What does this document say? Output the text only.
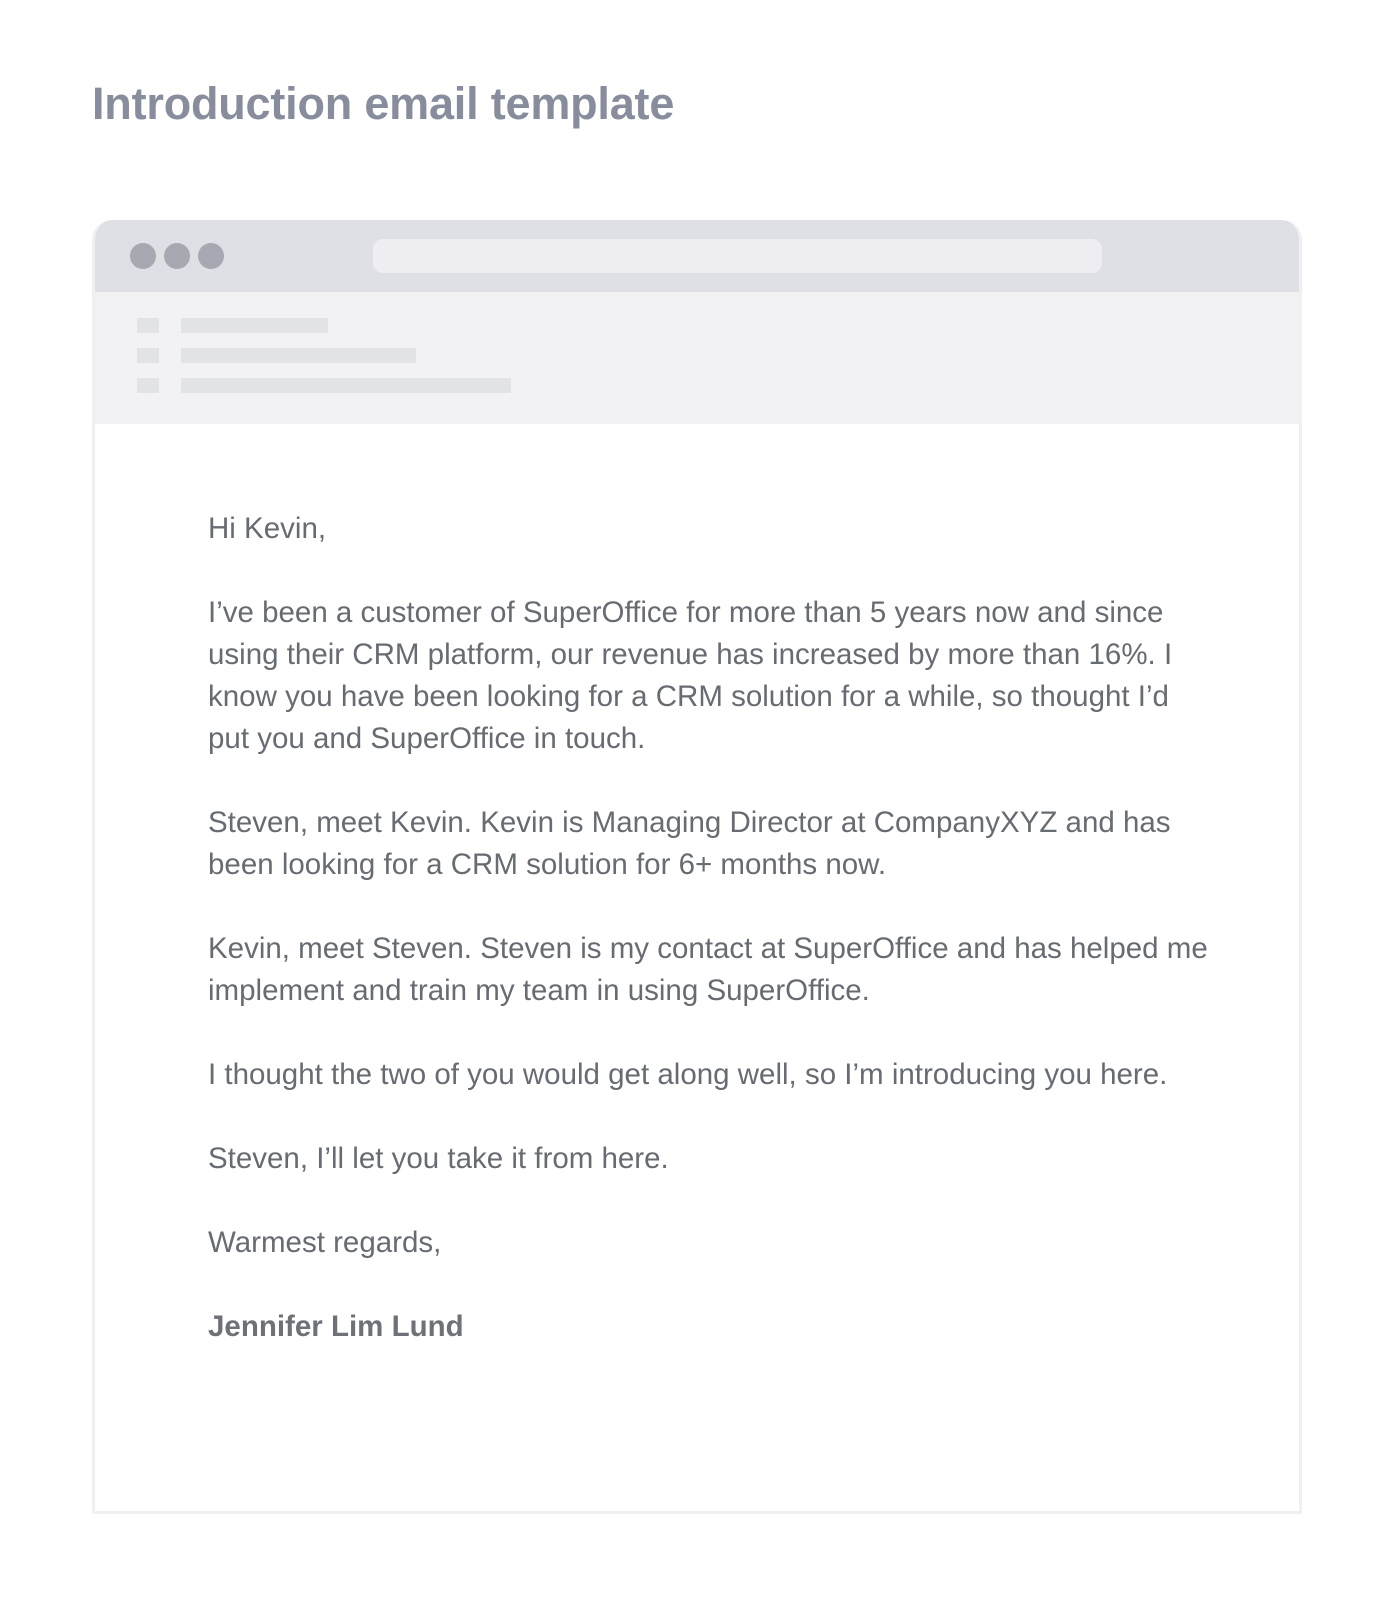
Introduction email template

Hi Kevin,

I’ve been a customer of SuperOffice for more than 5 years now and since using their CRM platform, our revenue has increased by more than 16%. I know you have been looking for a CRM solution for a while, so thought I’d put you and SuperOffice in touch.

Steven, meet Kevin. Kevin is Managing Director at CompanyXYZ and has been looking for a CRM solution for 6+ months now.

Kevin, meet Steven. Steven is my contact at SuperOffice and has helped me implement and train my team in using SuperOffice.

I thought the two of you would get along well, so I’m introducing you here.

Steven, I’ll let you take it from here.

Warmest regards,

Jennifer Lim Lund
